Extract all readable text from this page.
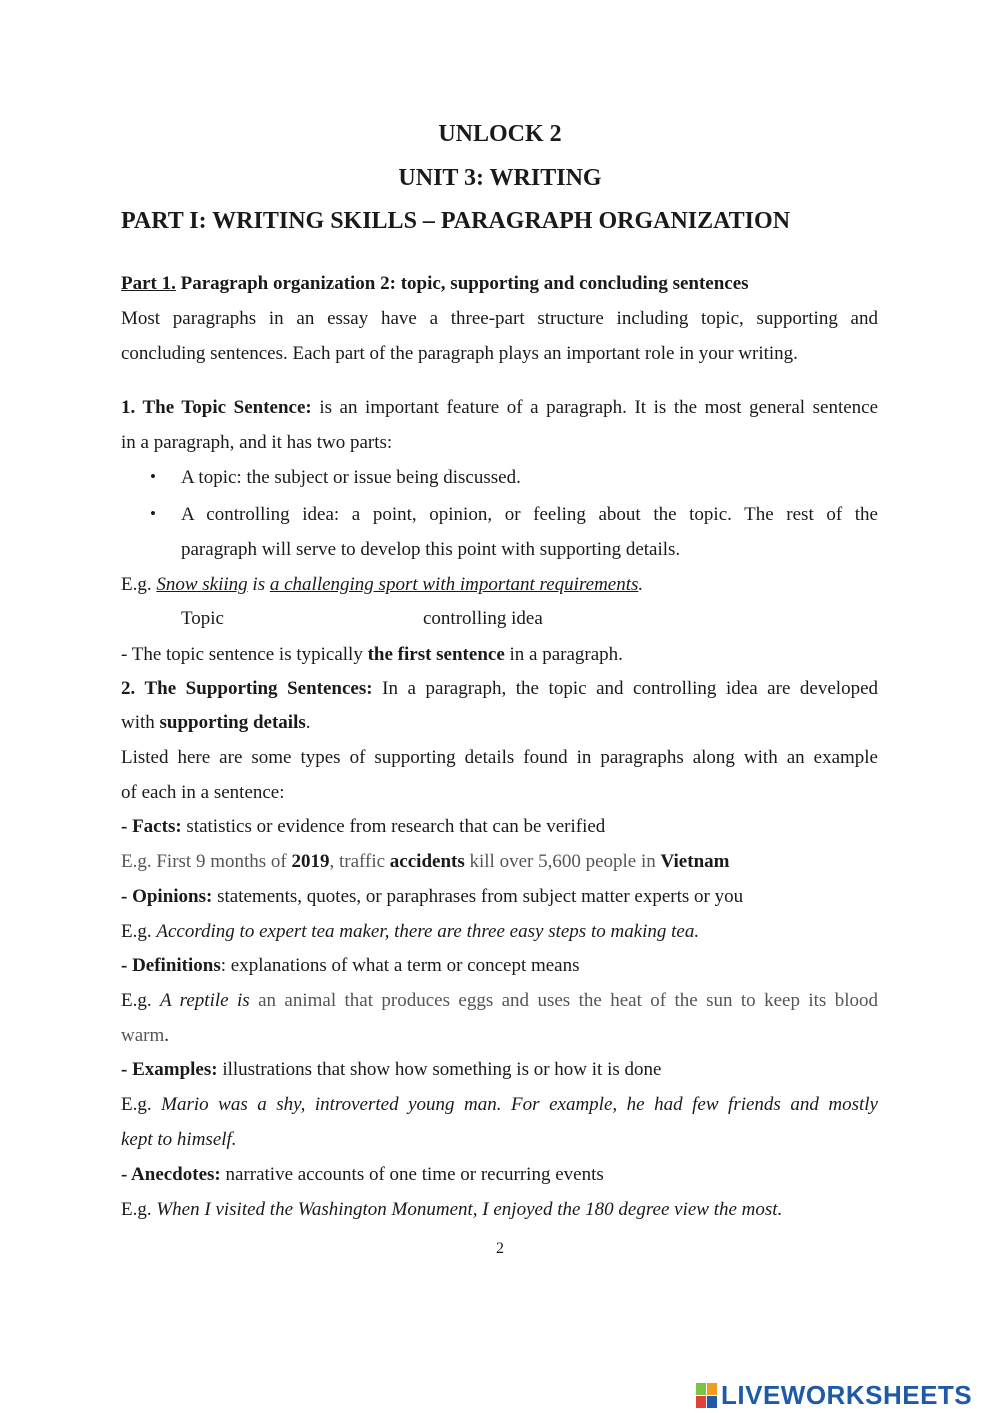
UNLOCK 2
UNIT 3: WRITING
PART I: WRITING SKILLS – PARAGRAPH ORGANIZATION
Part 1. Paragraph organization 2: topic, supporting and concluding sentences
Most paragraphs in an essay have a three-part structure including topic, supporting and
concluding sentences. Each part of the paragraph plays an important role in your writing.
1. The Topic Sentence: is an important feature of a paragraph. It is the most general sentence
in a paragraph, and it has two parts:
• A topic: the subject or issue being discussed.
• A controlling idea: a point, opinion, or feeling about the topic. The rest of the
paragraph will serve to develop this point with supporting details.
E.g. Snow skiing is a challenging sport with important requirements.
Topic	controlling idea
- The topic sentence is typically the first sentence in a paragraph.
2. The Supporting Sentences: In a paragraph, the topic and controlling idea are developed
with supporting details.
Listed here are some types of supporting details found in paragraphs along with an example
of each in a sentence:
- Facts: statistics or evidence from research that can be verified
E.g. First 9 months of 2019, traffic accidents kill over 5,600 people in Vietnam
- Opinions: statements, quotes, or paraphrases from subject matter experts or you
E.g. According to expert tea maker, there are three easy steps to making tea.
- Definitions: explanations of what a term or concept means
E.g. A reptile is an animal that produces eggs and uses the heat of the sun to keep its blood
warm.
- Examples: illustrations that show how something is or how it is done
E.g. Mario was a shy, introverted young man. For example, he had few friends and mostly
kept to himself.
- Anecdotes: narrative accounts of one time or recurring events
E.g. When I visited the Washington Monument, I enjoyed the 180 degree view the most.
2
LIVEWORKSHEETS
